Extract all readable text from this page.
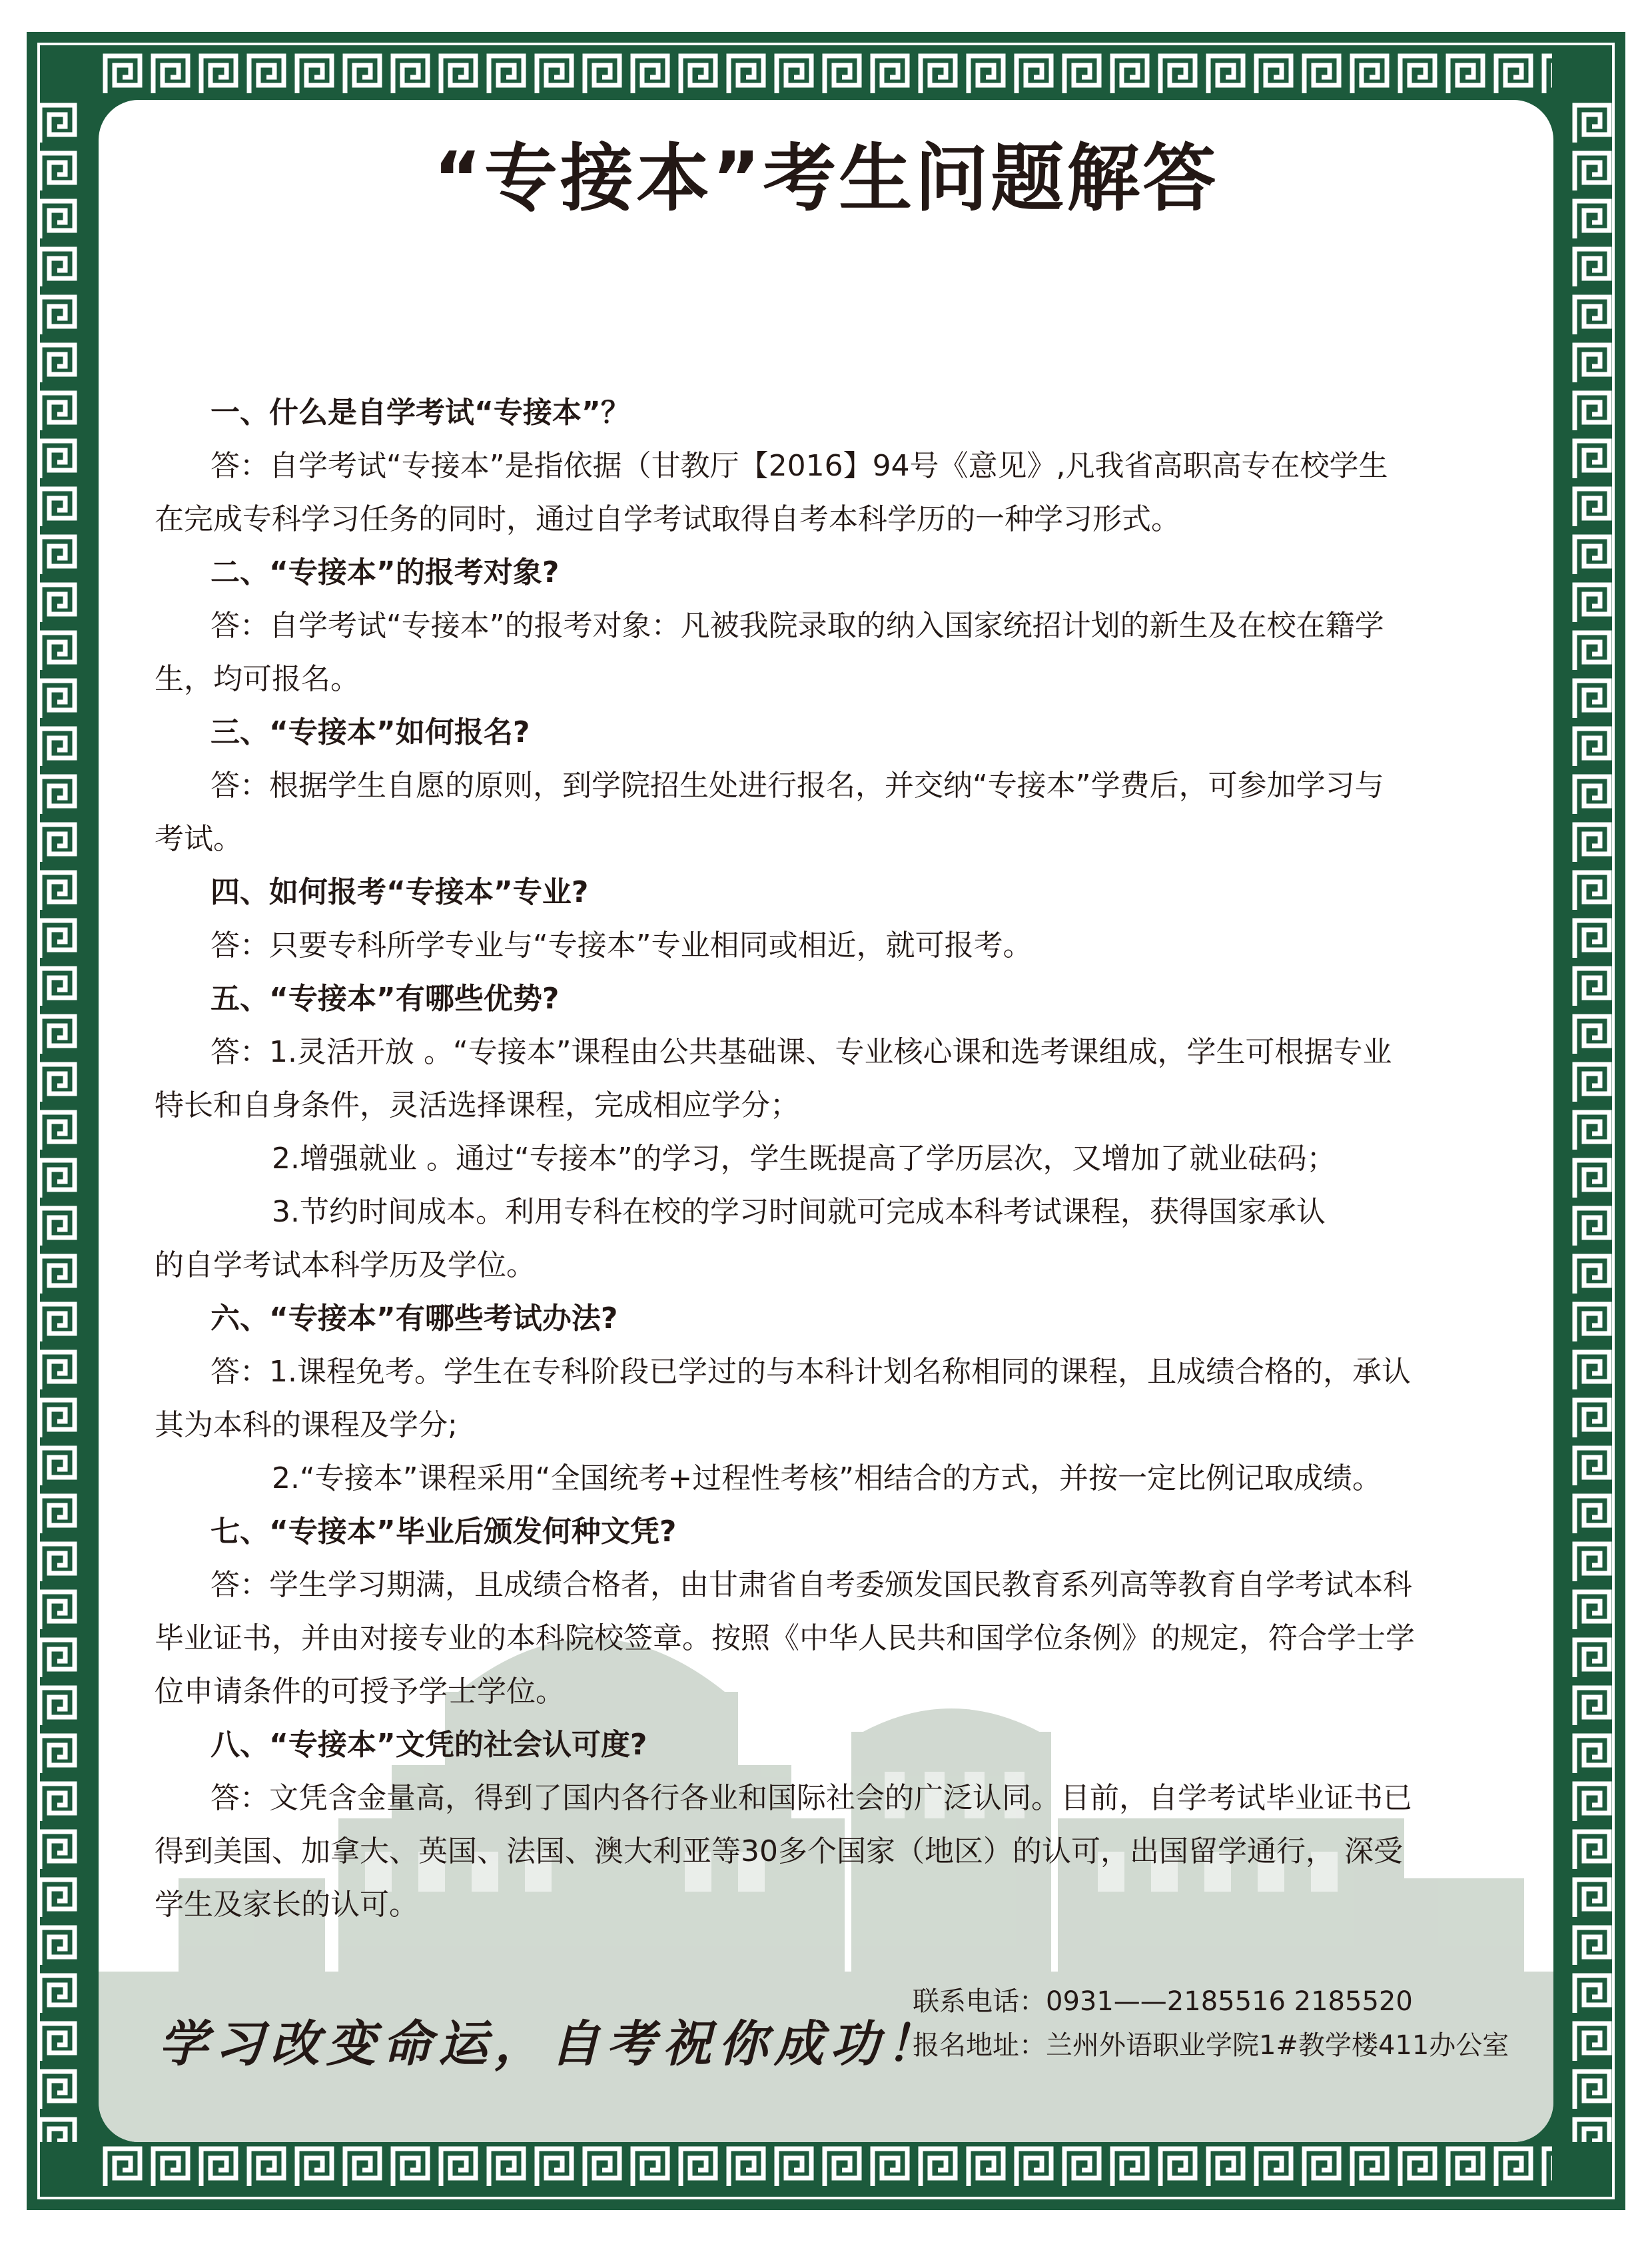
“专接本”考生问题解答
一、什么是自学考试“专接本”？
答：自学考试“专接本”是指依据（甘教厅【2016】94号《意见》,凡我省高职高专在校学生
在完成专科学习任务的同时，通过自学考试取得自考本科学历的一种学习形式。
二、“专接本”的报考对象?
答：自学考试“专接本”的报考对象：凡被我院录取的纳入国家统招计划的新生及在校在籍学
生，均可报名。
三、“专接本”如何报名?
答：根据学生自愿的原则，到学院招生处进行报名，并交纳“专接本”学费后，可参加学习与
考试。
四、如何报考“专接本”专业?
答：只要专科所学专业与“专接本”专业相同或相近，就可报考。
五、“专接本”有哪些优势?
答：1.灵活开放 。“专接本”课程由公共基础课、专业核心课和选考课组成，学生可根据专业
特长和自身条件，灵活选择课程，完成相应学分；
2.增强就业 。通过“专接本”的学习，学生既提高了学历层次，又增加了就业砝码；
3.节约时间成本。利用专科在校的学习时间就可完成本科考试课程，获得国家承认
的自学考试本科学历及学位。
六、“专接本”有哪些考试办法?
答：1.课程免考。学生在专科阶段已学过的与本科计划名称相同的课程，且成绩合格的，承认
其为本科的课程及学分;
2.“专接本”课程采用“全国统考+过程性考核”相结合的方式，并按一定比例记取成绩。
七、“专接本”毕业后颁发何种文凭?
答：学生学习期满，且成绩合格者，由甘肃省自考委颁发国民教育系列高等教育自学考试本科
毕业证书，并由对接专业的本科院校签章。按照《中华人民共和国学位条例》的规定，符合学士学
位申请条件的可授予学士学位。
八、“专接本”文凭的社会认可度?
答：文凭含金量高，得到了国内各行各业和国际社会的广泛认同。目前，自学考试毕业证书已
得到美国、加拿大、英国、法国、澳大利亚等30多个国家（地区）的认可，出国留学通行， 深受
学生及家长的认可。
学习改变命运，自考祝你成功！
联系电话：0931——2185516 2185520
报名地址：兰州外语职业学院1#教学楼411办公室
